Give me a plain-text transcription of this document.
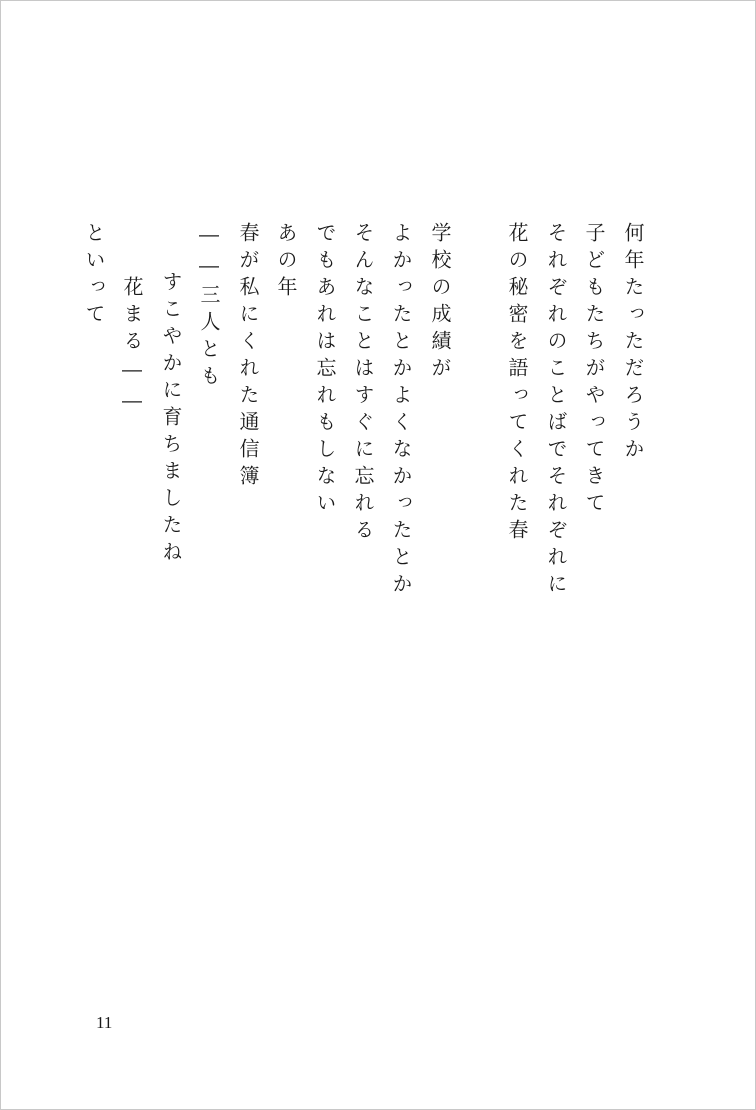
何年たっただろうか
子どもたちがやってきて
それぞれのことばでそれぞれに
花の秘密を語ってくれた春
学校の成績が
よかったとかよくなかったとか
そんなことはすぐに忘れる
でもあれは忘れもしない
あの年
春が私にくれた通信簿
――三人とも
すこやかに育ちましたね
花まる――
といって
11
